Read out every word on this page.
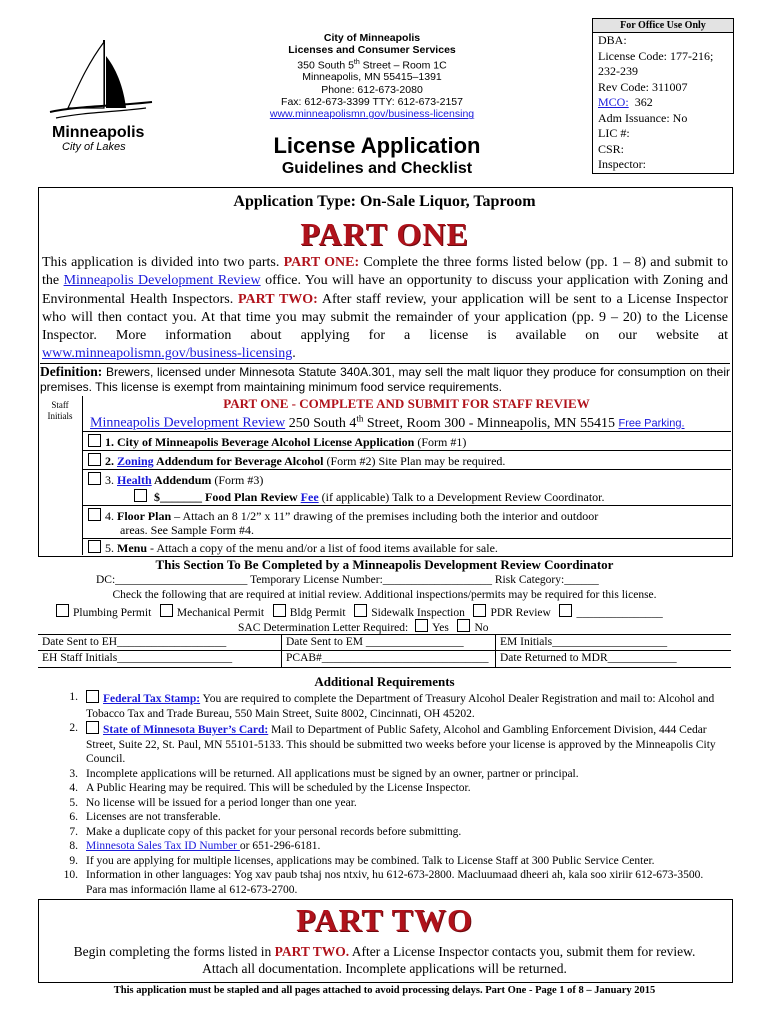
Minneapolis
City of Lakes
City of Minneapolis
Licenses and Consumer Services
350 South 5th Street – Room 1C
Minneapolis, MN 55415–1391
Phone: 612-673-2080
Fax: 612-673-3399 TTY: 612-673-2157
www.minneapolismn.gov/business-licensing
License Application
Guidelines and Checklist
For Office Use Only
DBA:
License Code: 177-216;
232-239
Rev Code: 311007
MCO: 362
Adm Issuance: No
LIC #:
CSR:
Inspector:
Application Type: On-Sale Liquor, Taproom
PART ONE
This application is divided into two parts. PART ONE: Complete the three forms listed below (pp. 1 – 8) and submit to the Minneapolis Development Review office. You will have an opportunity to discuss your application with Zoning and Environmental Health Inspectors. PART TWO: After staff review, your application will be sent to a License Inspector who will then contact you. At that time you may submit the remainder of your application (pp. 9 – 20) to the License Inspector. More information about applying for a license is available on our website at www.minneapolismn.gov/business-licensing.
Definition: Brewers, licensed under Minnesota Statute 340A.301, may sell the malt liquor they produce for consumption on their premises. This license is exempt from maintaining minimum food service requirements.
Staff
Initials
PART ONE - COMPLETE AND SUBMIT FOR STAFF REVIEW
Minneapolis Development Review 250 South 4th Street, Room 300 - Minneapolis, MN 55415 Free Parking.
1. City of Minneapolis Beverage Alcohol License Application (Form #1)
2. Zoning Addendum for Beverage Alcohol (Form #2) Site Plan may be required.
3. Health Addendum (Form #3)
$_______ Food Plan Review Fee (if applicable) Talk to a Development Review Coordinator.
4. Floor Plan – Attach an 8 1/2” x 11” drawing of the premises including both the interior and outdoor
areas. See Sample Form #4.
5. Menu - Attach a copy of the menu and/or a list of food items available for sale.
This Section To Be Completed by a Minneapolis Development Review Coordinator
DC:_______________________ Temporary License Number:___________________ Risk Category:______
Check the following that are required at initial review. Additional inspections/permits may be required for this license.
Plumbing Permit Mechanical Permit Bldg Permit Sidewalk Inspection PDR Review _______________
SAC Determination Letter Required: Yes No
Date Sent to EH___________________
EH Staff Initials____________________
Date Sent to EM _________________
PCAB#_____________________________
EM Initials____________________
Date Returned to MDR____________
Additional Requirements
1. Federal Tax Stamp: You are required to complete the Department of Treasury Alcohol Dealer Registration and mail to: Alcohol and Tobacco Tax and Trade Bureau, 550 Main Street, Suite 8002, Cincinnati, OH 45202.
2. State of Minnesota Buyer’s Card: Mail to Department of Public Safety, Alcohol and Gambling Enforcement Division, 444 Cedar Street, Suite 22, St. Paul, MN 55101-5133. This should be submitted two weeks before your license is approved by the Minneapolis City Council.
3. Incomplete applications will be returned. All applications must be signed by an owner, partner or principal.
4. A Public Hearing may be required. This will be scheduled by the License Inspector.
5. No license will be issued for a period longer than one year.
6. Licenses are not transferable.
7. Make a duplicate copy of this packet for your personal records before submitting.
8. Minnesota Sales Tax ID Number or 651-296-6181.
9. If you are applying for multiple licenses, applications may be combined. Talk to License Staff at 300 Public Service Center.
10. Information in other languages: Yog xav paub tshaj nos ntxiv, hu 612-673-2800. Macluumaad dheeri ah, kala soo xiriir 612-673-3500. Para mas información llame al 612-673-2700.
PART TWO
Begin completing the forms listed in PART TWO. After a License Inspector contacts you, submit them for review.
Attach all documentation. Incomplete applications will be returned.
This application must be stapled and all pages attached to avoid processing delays. Part One - Page 1 of 8 – January 2015
